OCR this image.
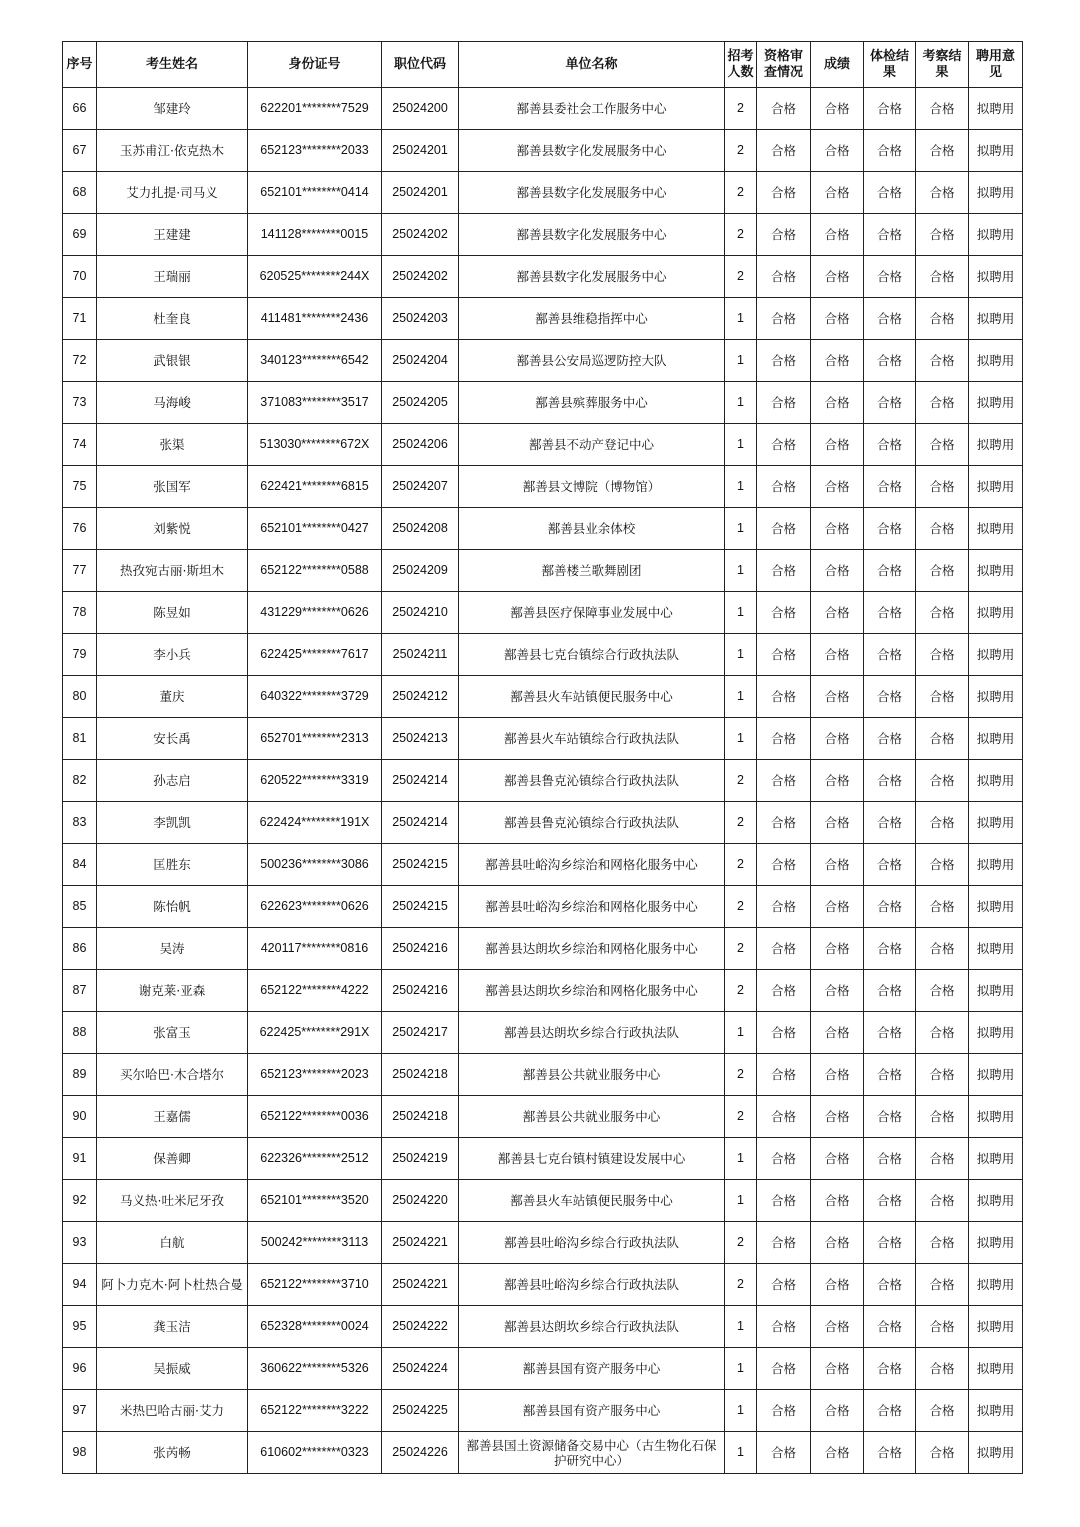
序号	考生姓名	身份证号	职位代码	单位名称	招考人数	资格审查情况	成绩	体检结果	考察结果	聘用意见
66	邹建玲	622201********7529	25024200	鄯善县委社会工作服务中心	2	合格	合格	合格	合格	拟聘用
67	玉苏甫江·依克热木	652123********2033	25024201	鄯善县数字化发展服务中心	2	合格	合格	合格	合格	拟聘用
68	艾力扎提·司马义	652101********0414	25024201	鄯善县数字化发展服务中心	2	合格	合格	合格	合格	拟聘用
69	王建建	141128********0015	25024202	鄯善县数字化发展服务中心	2	合格	合格	合格	合格	拟聘用
70	王瑞丽	620525********244X	25024202	鄯善县数字化发展服务中心	2	合格	合格	合格	合格	拟聘用
71	杜奎良	411481********2436	25024203	鄯善县维稳指挥中心	1	合格	合格	合格	合格	拟聘用
72	武银银	340123********6542	25024204	鄯善县公安局巡逻防控大队	1	合格	合格	合格	合格	拟聘用
73	马海峻	371083********3517	25024205	鄯善县殡葬服务中心	1	合格	合格	合格	合格	拟聘用
74	张渠	513030********672X	25024206	鄯善县不动产登记中心	1	合格	合格	合格	合格	拟聘用
75	张国军	622421********6815	25024207	鄯善县文博院（博物馆）	1	合格	合格	合格	合格	拟聘用
76	刘紫悦	652101********0427	25024208	鄯善县业余体校	1	合格	合格	合格	合格	拟聘用
77	热孜宛古丽·斯坦木	652122********0588	25024209	鄯善楼兰歌舞剧团	1	合格	合格	合格	合格	拟聘用
78	陈昱如	431229********0626	25024210	鄯善县医疗保障事业发展中心	1	合格	合格	合格	合格	拟聘用
79	李小兵	622425********7617	25024211	鄯善县七克台镇综合行政执法队	1	合格	合格	合格	合格	拟聘用
80	董庆	640322********3729	25024212	鄯善县火车站镇便民服务中心	1	合格	合格	合格	合格	拟聘用
81	安长禹	652701********2313	25024213	鄯善县火车站镇综合行政执法队	1	合格	合格	合格	合格	拟聘用
82	孙志启	620522********3319	25024214	鄯善县鲁克沁镇综合行政执法队	2	合格	合格	合格	合格	拟聘用
83	李凯凯	622424********191X	25024214	鄯善县鲁克沁镇综合行政执法队	2	合格	合格	合格	合格	拟聘用
84	匡胜东	500236********3086	25024215	鄯善县吐峪沟乡综治和网格化服务中心	2	合格	合格	合格	合格	拟聘用
85	陈怡帆	622623********0626	25024215	鄯善县吐峪沟乡综治和网格化服务中心	2	合格	合格	合格	合格	拟聘用
86	吴涛	420117********0816	25024216	鄯善县达朗坎乡综治和网格化服务中心	2	合格	合格	合格	合格	拟聘用
87	谢克莱·亚森	652122********4222	25024216	鄯善县达朗坎乡综治和网格化服务中心	2	合格	合格	合格	合格	拟聘用
88	张富玉	622425********291X	25024217	鄯善县达朗坎乡综合行政执法队	1	合格	合格	合格	合格	拟聘用
89	买尔哈巴·木合塔尔	652123********2023	25024218	鄯善县公共就业服务中心	2	合格	合格	合格	合格	拟聘用
90	王嘉儒	652122********0036	25024218	鄯善县公共就业服务中心	2	合格	合格	合格	合格	拟聘用
91	保善卿	622326********2512	25024219	鄯善县七克台镇村镇建设发展中心	1	合格	合格	合格	合格	拟聘用
92	马义热·吐米尼牙孜	652101********3520	25024220	鄯善县火车站镇便民服务中心	1	合格	合格	合格	合格	拟聘用
93	白航	500242********3113	25024221	鄯善县吐峪沟乡综合行政执法队	2	合格	合格	合格	合格	拟聘用
94	阿卜力克木·阿卜杜热合曼	652122********3710	25024221	鄯善县吐峪沟乡综合行政执法队	2	合格	合格	合格	合格	拟聘用
95	龚玉洁	652328********0024	25024222	鄯善县达朗坎乡综合行政执法队	1	合格	合格	合格	合格	拟聘用
96	吴振威	360622********5326	25024224	鄯善县国有资产服务中心	1	合格	合格	合格	合格	拟聘用
97	米热巴哈古丽·艾力	652122********3222	25024225	鄯善县国有资产服务中心	1	合格	合格	合格	合格	拟聘用
98	张芮畅	610602********0323	25024226	鄯善县国土资源储备交易中心（古生物化石保护研究中心）	1	合格	合格	合格	合格	拟聘用
